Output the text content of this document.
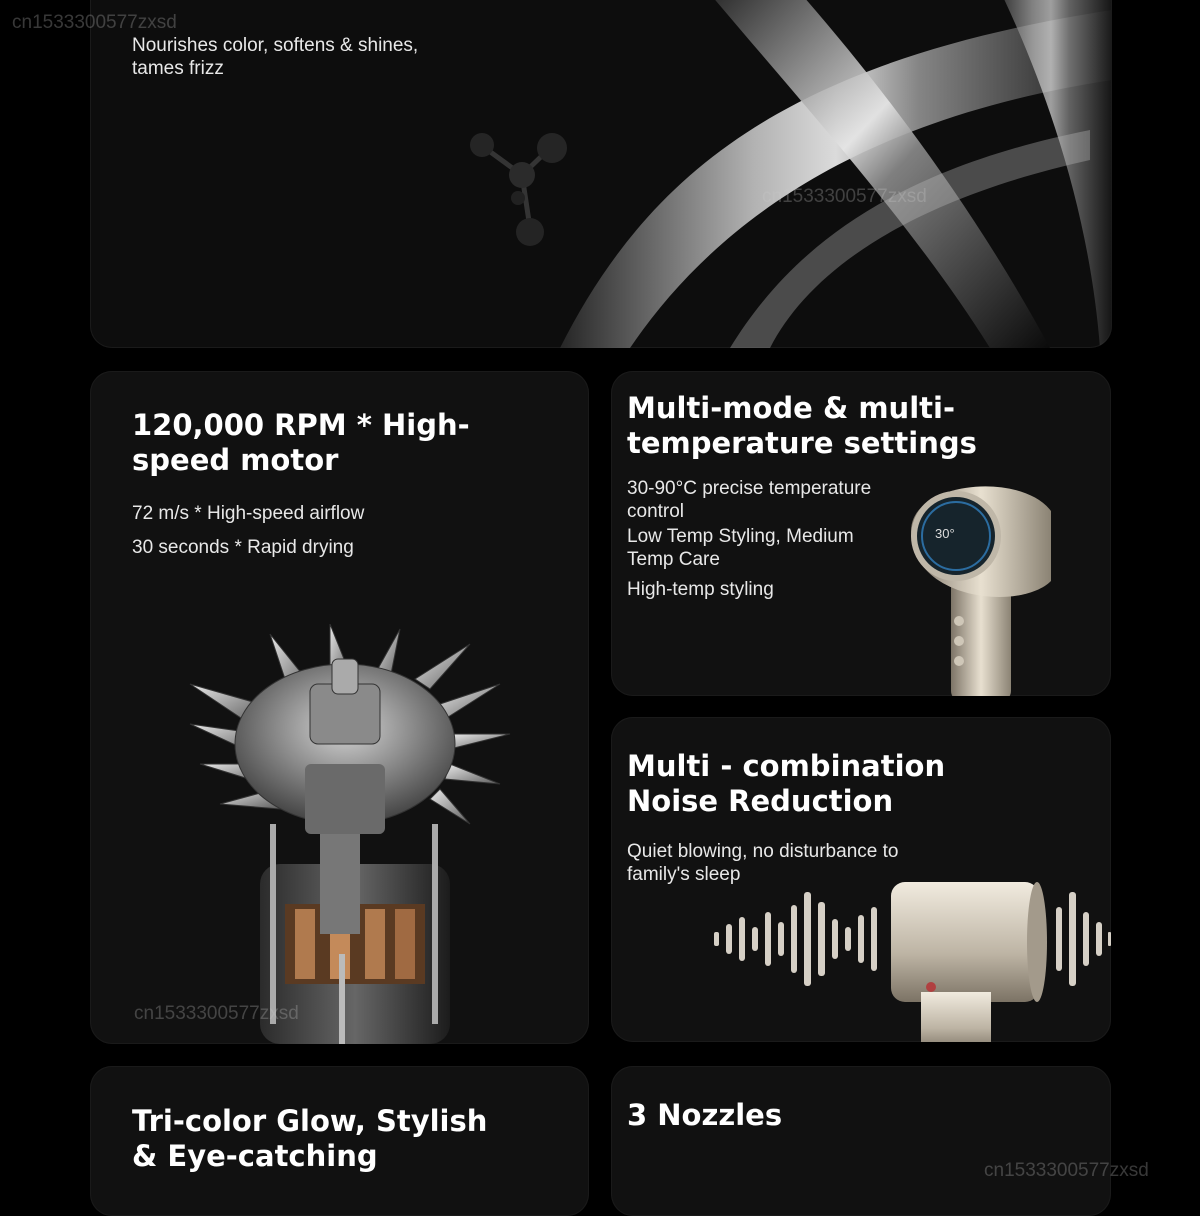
Nourishes color, softens & shines, tames frizz
cn1533300577zxsd
cn1533300577zxsd
120,000 RPM * High-speed motor
72 m/s * High-speed airflow
30 seconds * Rapid drying
cn1533300577zxsd
Multi-mode & multi-temperature settings
30-90°C precise temperature control
Low Temp Styling, Medium Temp Care
High-temp styling
30°
Multi - combination Noise Reduction
Quiet blowing, no disturbance to family's sleep
Tri-color Glow, Stylish & Eye-catching
3 Nozzles
cn1533300577zxsd
